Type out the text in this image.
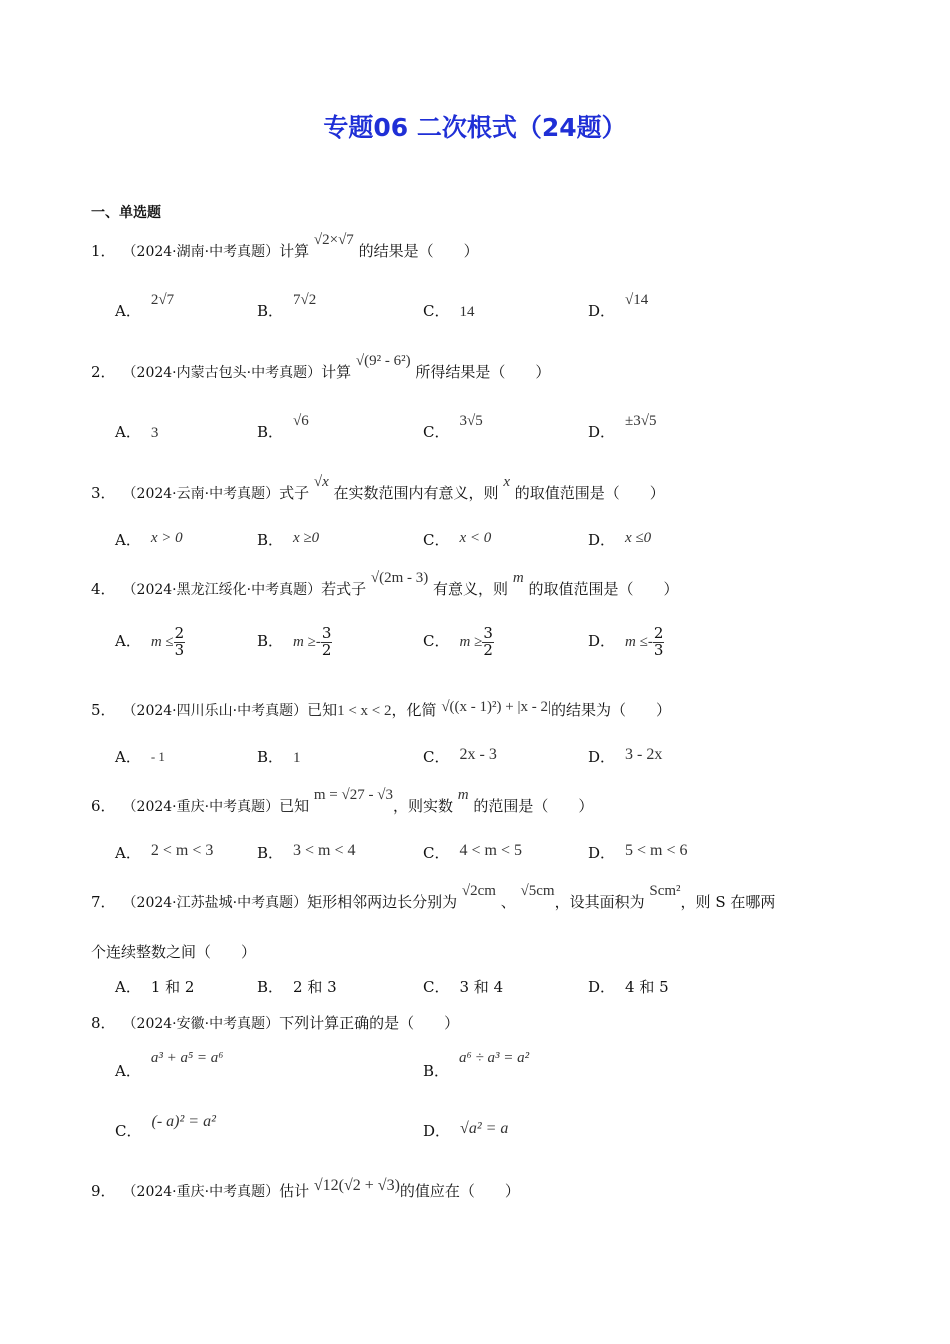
专题06 二次根式（24题）
一、单选题
1． （2024·湖南·中考真题）计算 √2×√7 的结果是（　　）
A．2√7
B．7√2
C． 14	D．√14
2． （2024·内蒙古包头·中考真题）计算 √(9² - 6²) 所得结果是（　　）
A． 3	B．√6
C．3√5
D．±3√5
3． （2024·云南·中考真题）式子 √x 在实数范围内有意义，则 x 的取值范围是（　　）
A． x > 0	B． x ≥0	C． x < 0	D． x ≤0
4． （2024·黑龙江绥化·中考真题）若式子 √(2m - 3) 有意义，则 m 的取值范围是（　　）
A． $m \le \frac{2}{3}$	B． $m \ge- \frac{3}{2}$	C． $m \ge \frac{3}{2}$	D． $m \le- \frac{2}{3}$
5． （2024·四川乐山·中考真题）已知1 < x < 2，化简 √((x - 1)²) + |x - 2|的结果为（　　）
A． - 1	B． 1	C． 2x - 3	D． 3 - 2x
6． （2024·重庆·中考真题）已知 m = √27 - √3，则实数 m 的范围是（　　）
A． 2 < m < 3	B． 3 < m < 4	C． 4 < m < 5	D． 5 < m < 6
7． （2024·江苏盐城·中考真题）矩形相邻两边长分别为 √2cm 、 √5cm，设其面积为 Scm²，则 S 在哪两
个连续整数之间（　　）
A． 1 和 2	B． 2 和 3	C． 3 和 4	D． 4 和 5
8． （2024·安徽·中考真题）下列计算正确的是（　　）
A．a³ + a⁵ = a⁶
B．a⁶ ÷ a³ = a²
C．(- a)² = a²
D． √a² = a
9． （2024·重庆·中考真题）估计 √12(√2 + √3)的值应在（　　）
